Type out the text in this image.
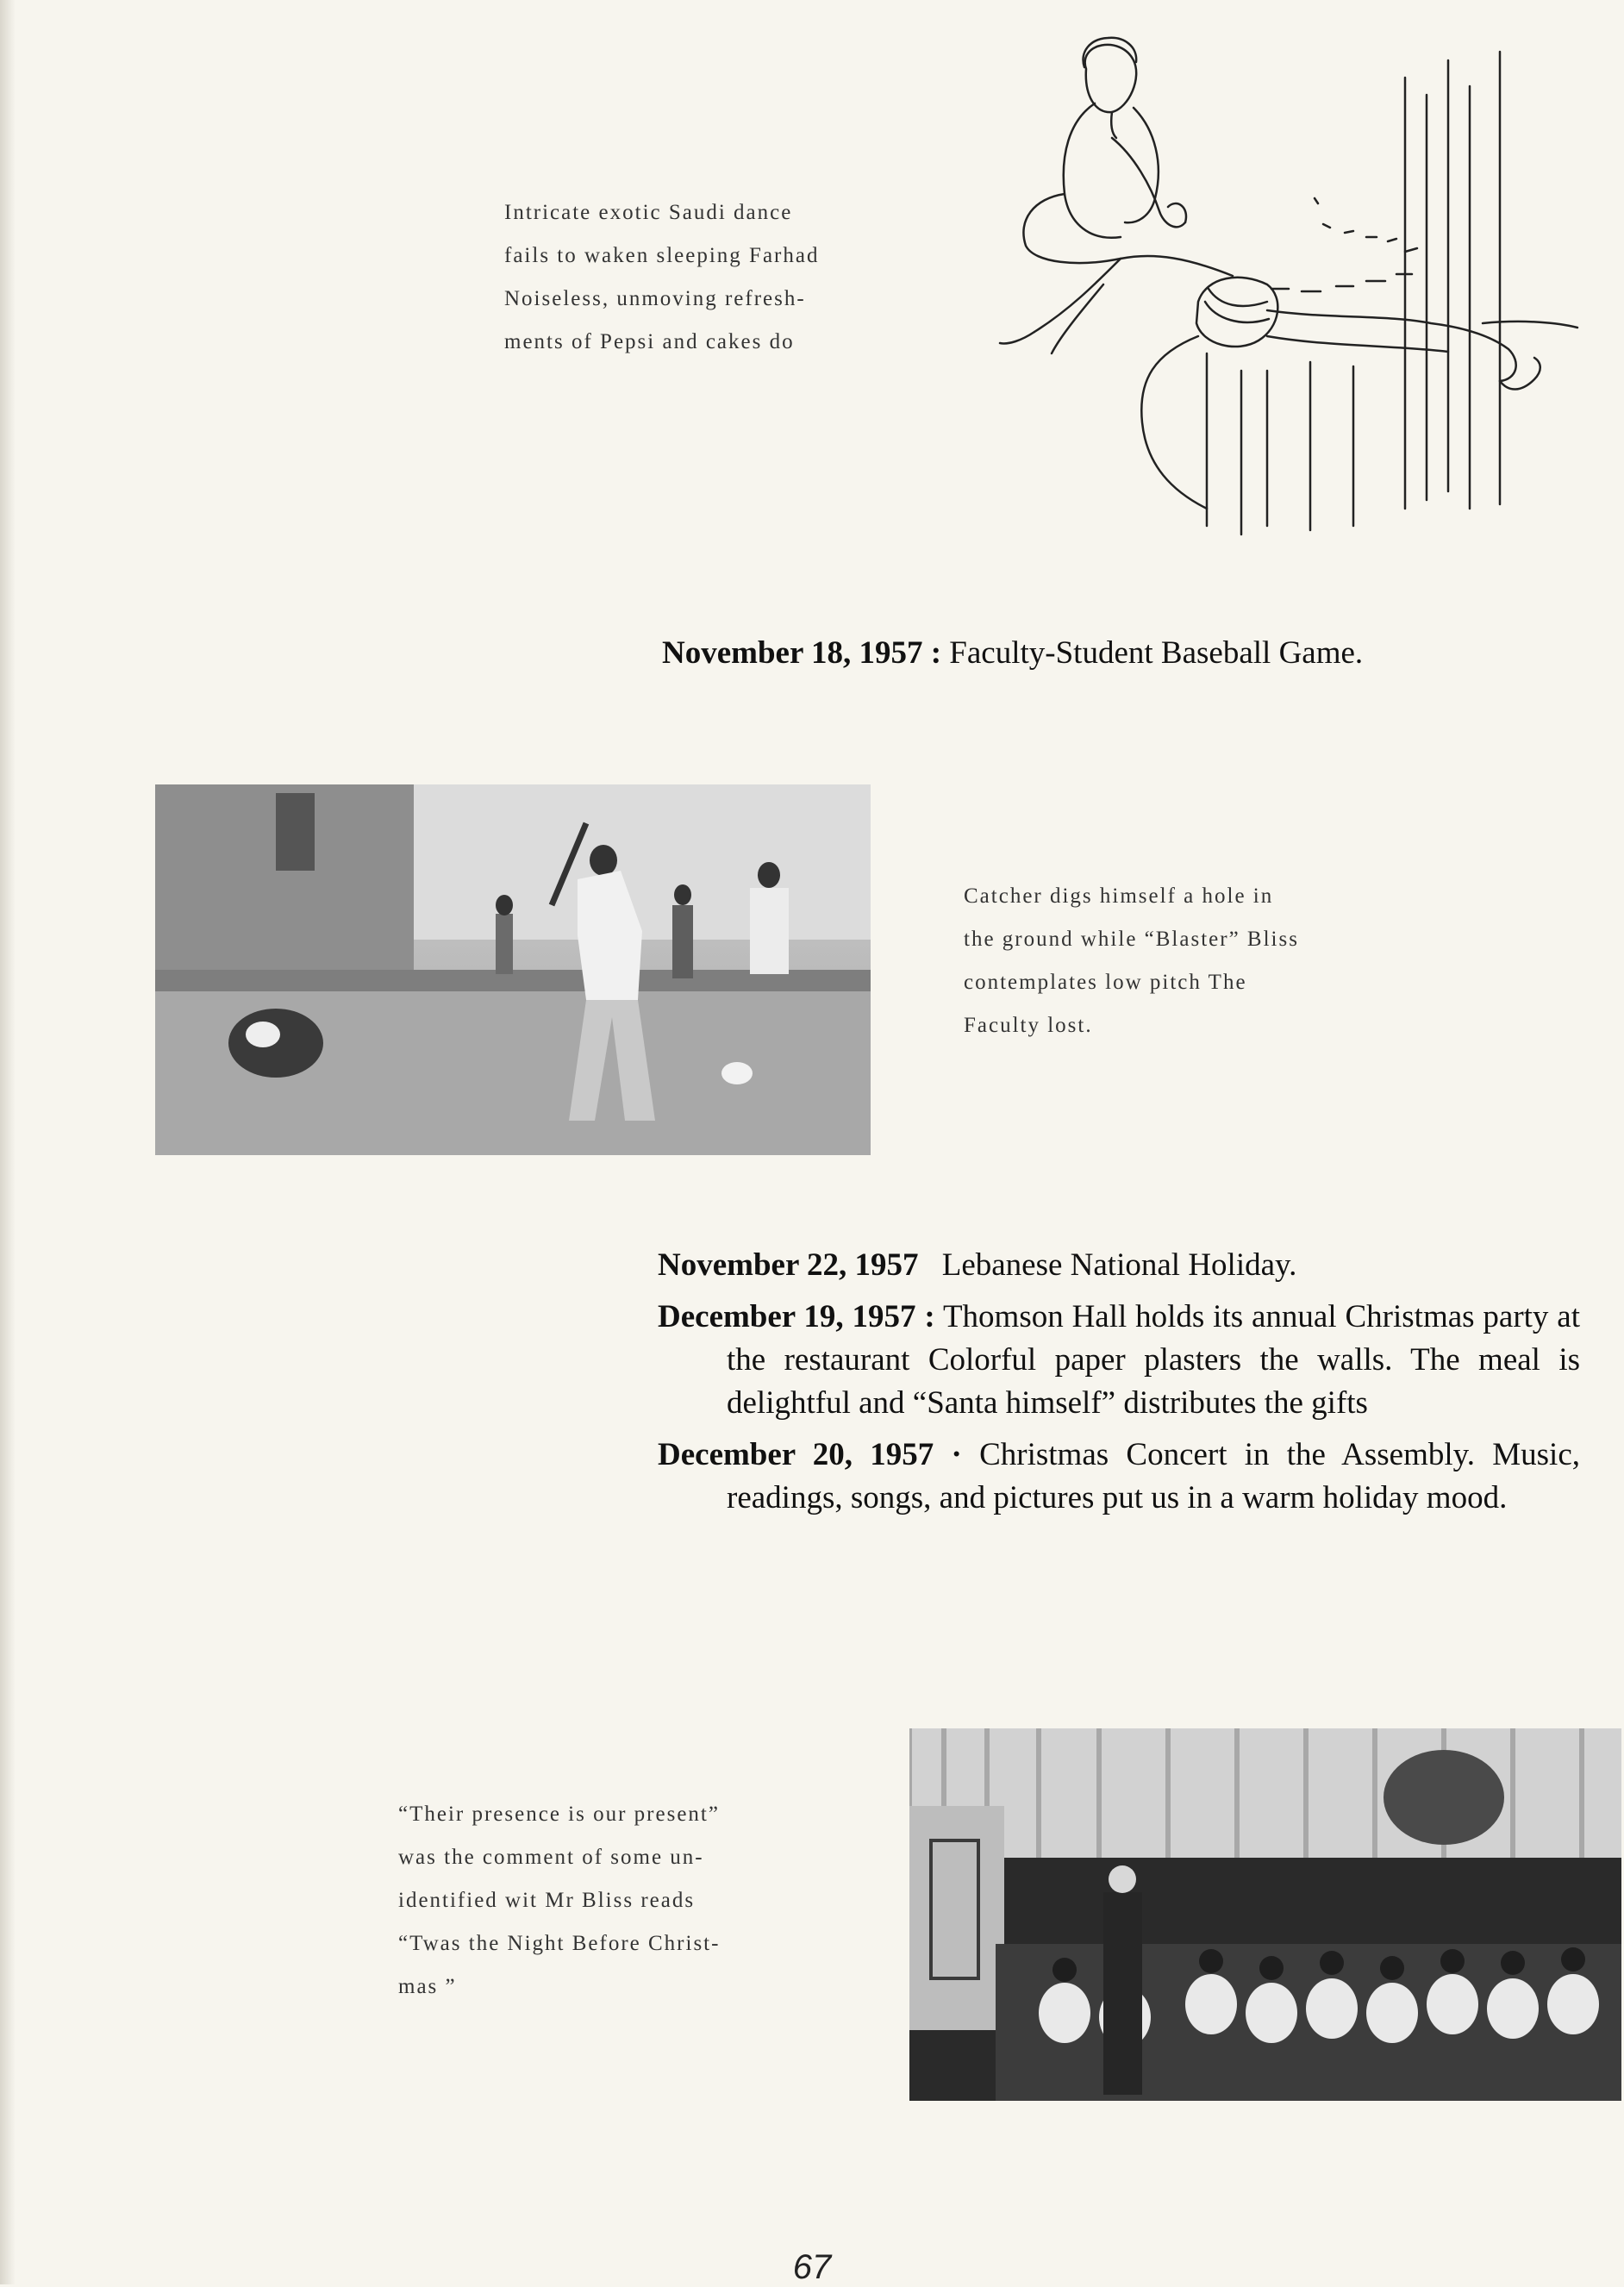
Intricate exotic Saudi dance

fails to waken sleeping Farhad

Noiseless, unmoving refresh-

ments of Pepsi and cakes do

November 18, 1957 : Faculty-Student Baseball Game.

Catcher digs himself a hole in

the ground while “Blaster” Bliss

contemplates low pitch The

Faculty lost.

November 22, 1957 Lebanese National Holiday.
December 19, 1957 : Thomson Hall holds its annual Christmas party at the restaurant Colorful paper plasters the walls. The meal is delightful and “Santa himself” distributes the gifts
December 20, 1957 · Christmas Concert in the Assembly. Music, readings, songs, and pictures put us in a warm holiday mood.

“Their presence is our present”

was the comment of some un-

identified wit Mr Bliss reads

“Twas the Night Before Christ-

mas ”

67
